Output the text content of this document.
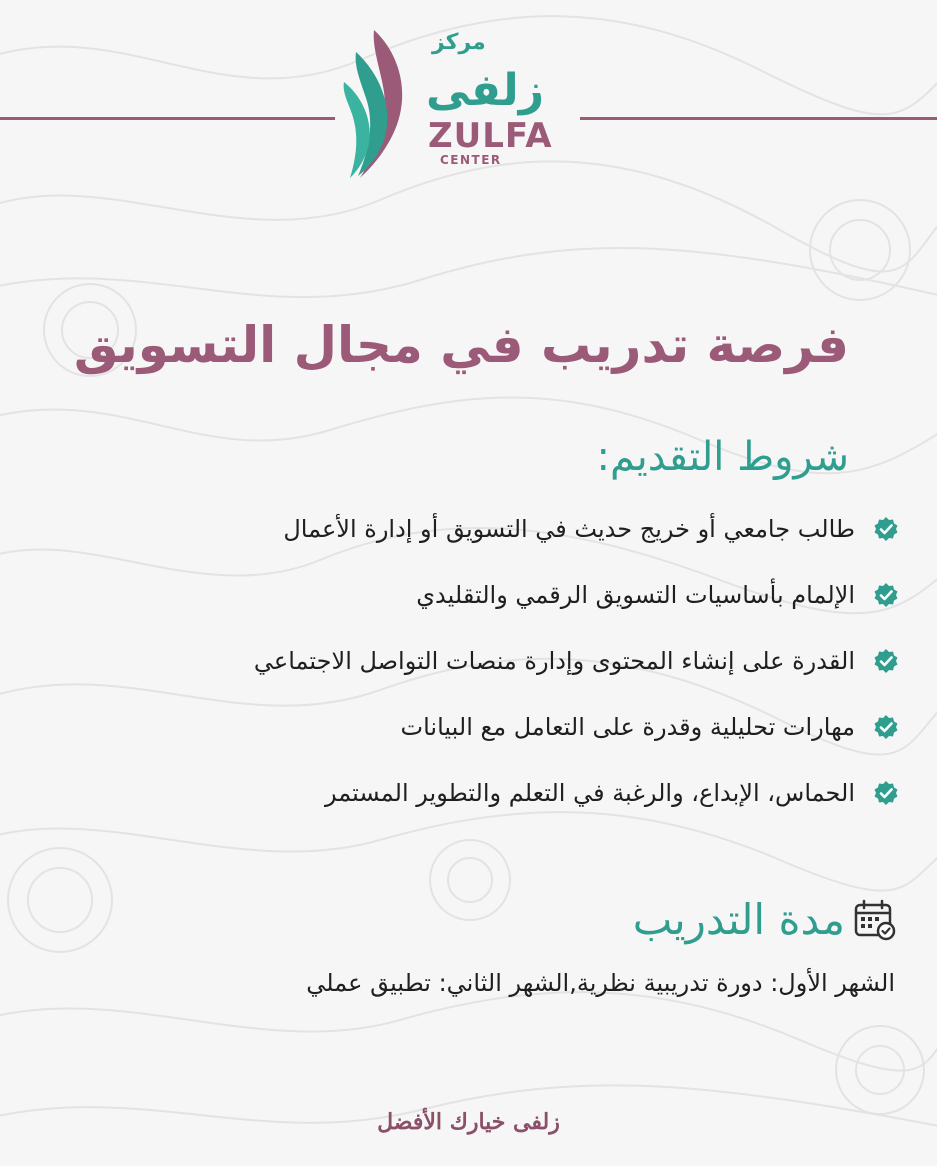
مركز
زلفى
ZULFA
CENTER
فرصة تدريب في مجال التسويق
شروط التقديم:
طالب جامعي أو خريج حديث في التسويق أو إدارة الأعمال
الإلمام بأساسيات التسويق الرقمي والتقليدي
القدرة على إنشاء المحتوى وإدارة منصات التواصل الاجتماعي
مهارات تحليلية وقدرة على التعامل مع البيانات
الحماس، الإبداع، والرغبة في التعلم والتطوير المستمر
مدة التدريب
الشهر الأول: دورة تدريبية نظرية,الشهر الثاني: تطبيق عملي
زلفى خيارك الأفضل
